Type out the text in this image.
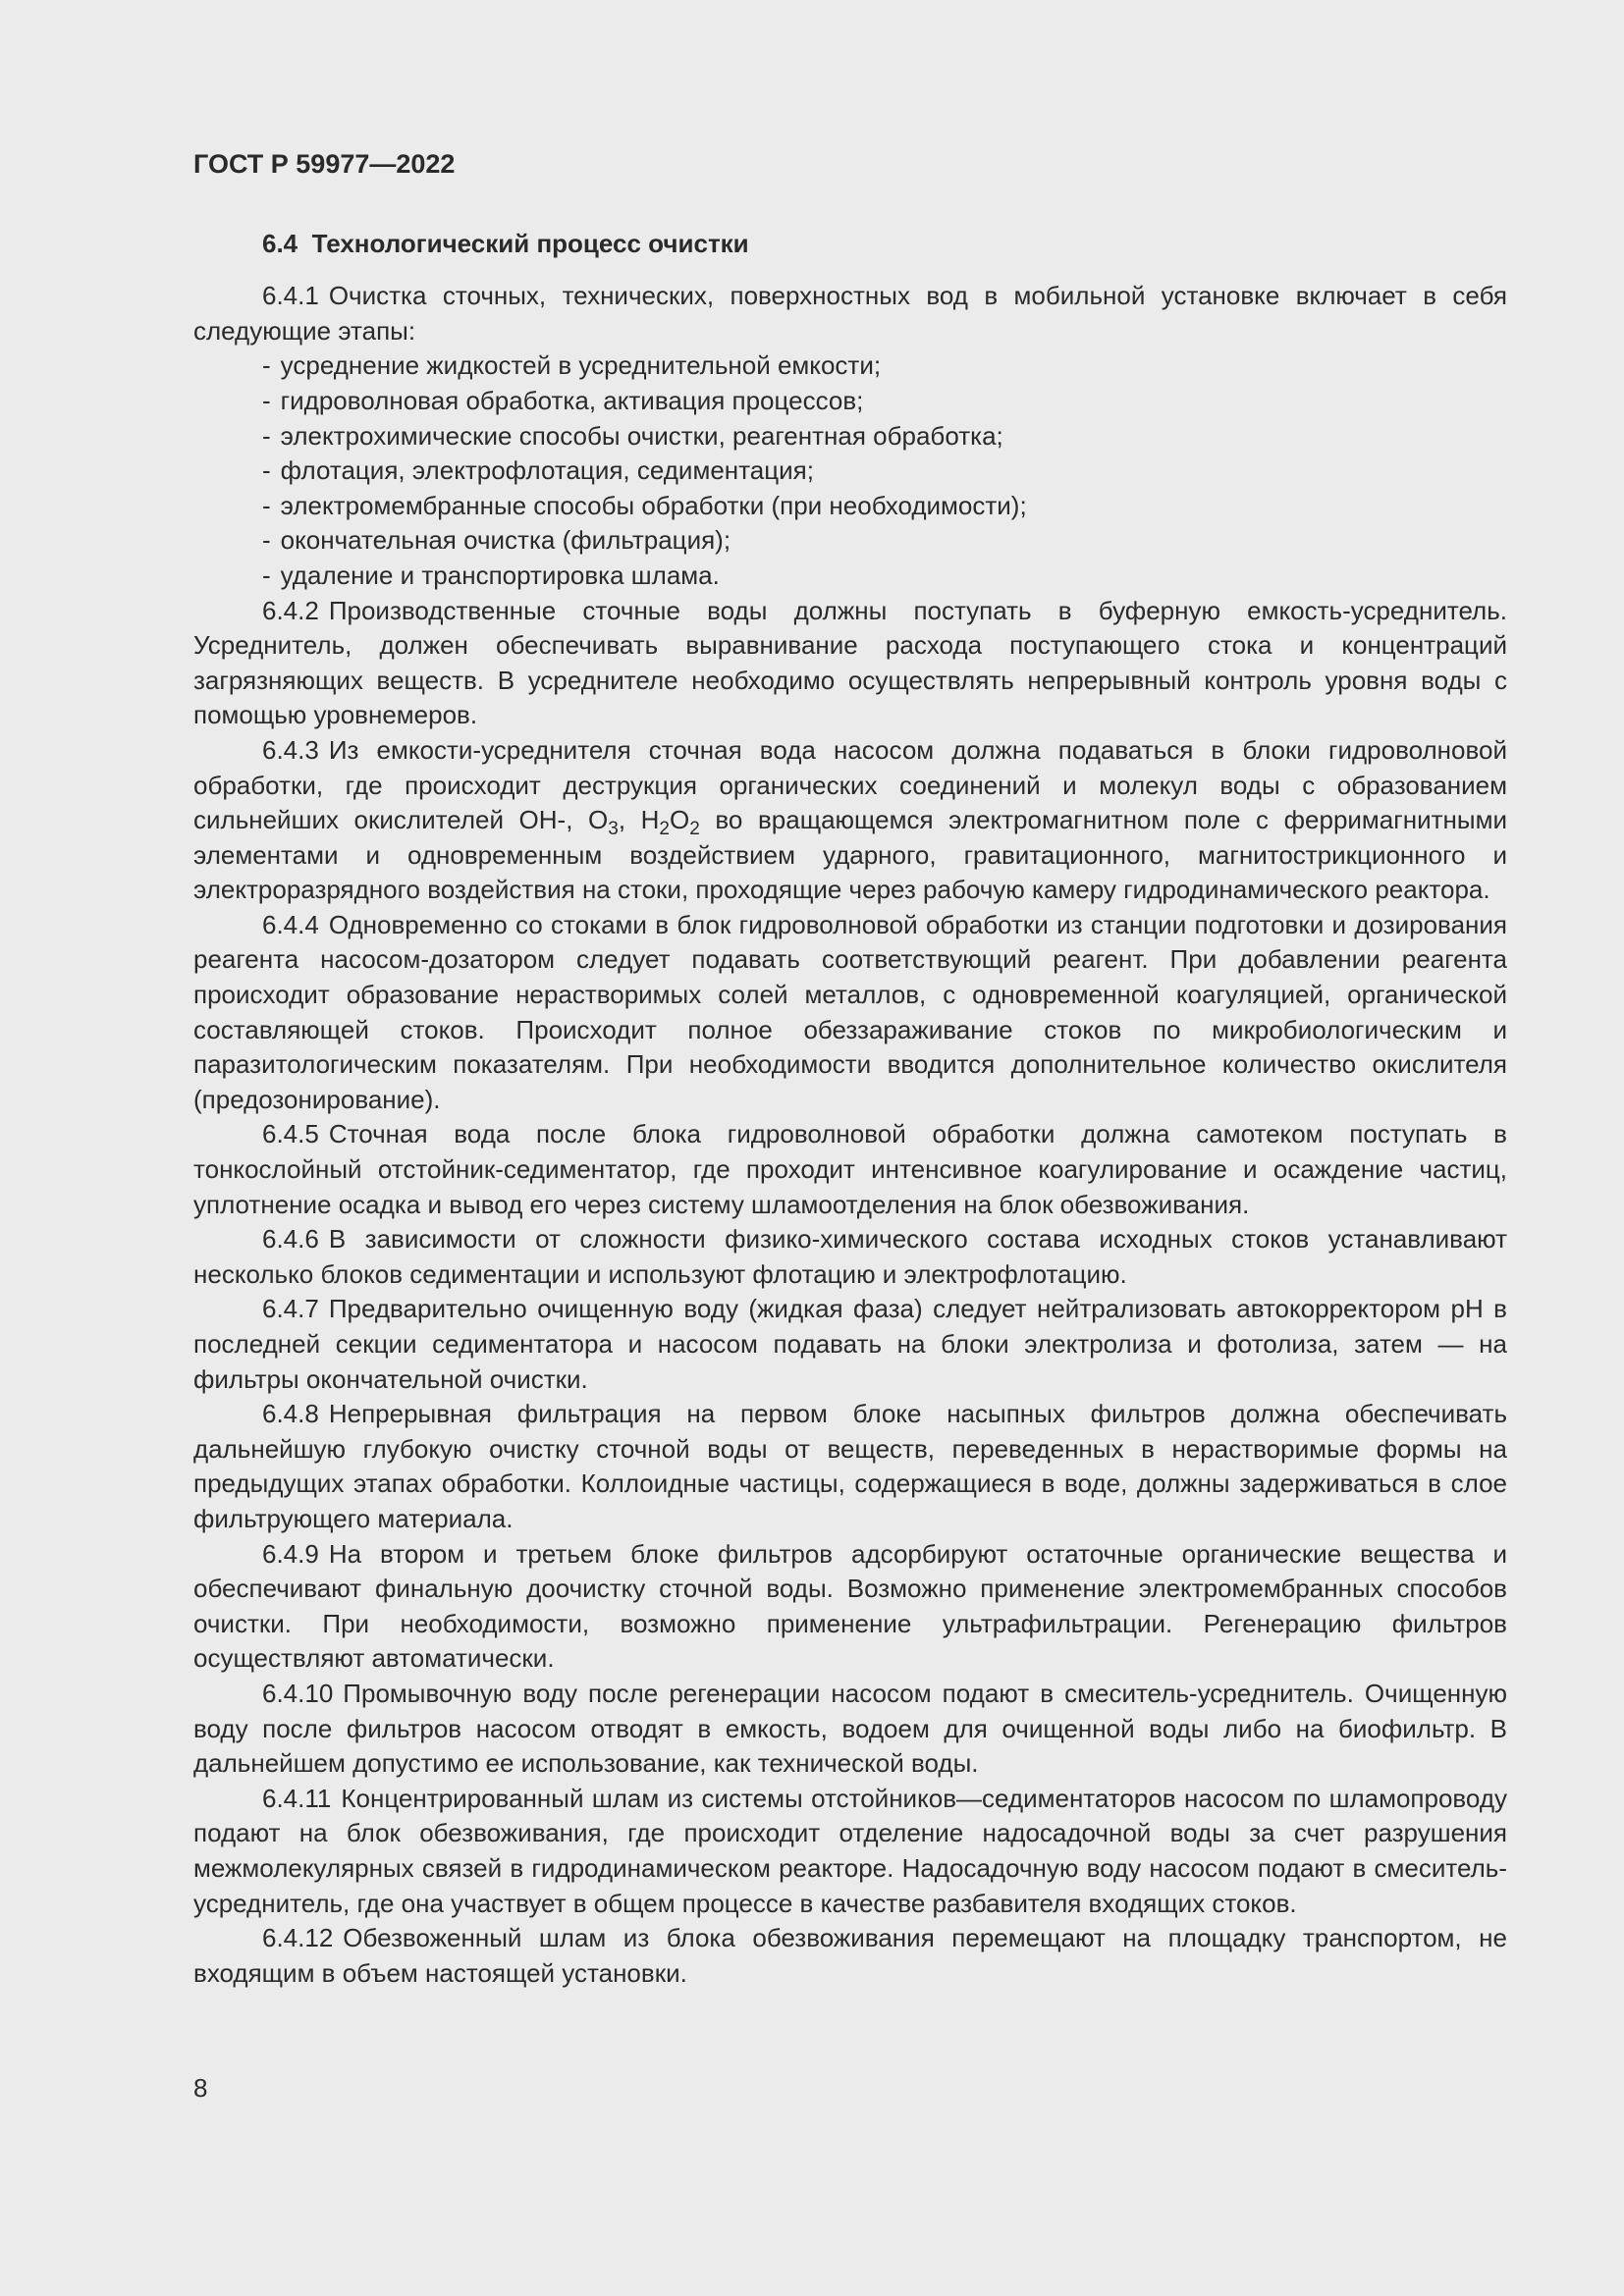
ГОСТ Р 59977—2022
6.4 Технологический процесс очистки

6.4.1 Очистка сточных, технических, поверхностных вод в мобильной установке включает в себя следующие этапы:

- усреднение жидкостей в усреднительной емкости;
- гидроволновая обработка, активация процессов;
- электрохимические способы очистки, реагентная обработка;
- флотация, электрофлотация, седиментация;
- электромембранные способы обработки (при необходимости);
- окончательная очистка (фильтрация);
- удаление и транспортировка шлама.

6.4.2 Производственные сточные воды должны поступать в буферную емкость-усреднитель. Усреднитель, должен обеспечивать выравнивание расхода поступающего стока и концентраций загрязняющих веществ. В усреднителе необходимо осуществлять непрерывный контроль уровня воды с помощью уровнемеров.

6.4.3 Из емкости-усреднителя сточная вода насосом должна подаваться в блоки гидроволновой обработки, где происходит деструкция органических соединений и молекул воды с образованием сильнейших окислителей OH-, $O_3$, $H_2O_2$ во вращающемся электромагнитном поле с ферримагнитными элементами и одновременным воздействием ударного, гравитационного, магнитострикционного и электроразрядного воздействия на стоки, проходящие через рабочую камеру гидродинамического реактора.

6.4.4 Одновременно со стоками в блок гидроволновой обработки из станции подготовки и дозирования реагента насосом-дозатором следует подавать соответствующий реагент. При добавлении реагента происходит образование нерастворимых солей металлов, с одновременной коагуляцией, органической составляющей стоков. Происходит полное обеззараживание стоков по микробиологическим и паразитологическим показателям. При необходимости вводится дополнительное количество окислителя (предозонирование).

6.4.5 Сточная вода после блока гидроволновой обработки должна самотеком поступать в тонкослойный отстойник-седиментатор, где проходит интенсивное коагулирование и осаждение частиц, уплотнение осадка и вывод его через систему шламоотделения на блок обезвоживания.

6.4.6 В зависимости от сложности физико-химического состава исходных стоков устанавливают несколько блоков седиментации и используют флотацию и электрофлотацию.

6.4.7 Предварительно очищенную воду (жидкая фаза) следует нейтрализовать автокорректором pH в последней секции седиментатора и насосом подавать на блоки электролиза и фотолиза, затем — на фильтры окончательной очистки.

6.4.8 Непрерывная фильтрация на первом блоке насыпных фильтров должна обеспечивать дальнейшую глубокую очистку сточной воды от веществ, переведенных в нерастворимые формы на предыдущих этапах обработки. Коллоидные частицы, содержащиеся в воде, должны задерживаться в слое фильтрующего материала.

6.4.9 На втором и третьем блоке фильтров адсорбируют остаточные органические вещества и обеспечивают финальную доочистку сточной воды. Возможно применение электромембранных способов очистки. При необходимости, возможно применение ультрафильтрации. Регенерацию фильтров осуществляют автоматически.

6.4.10 Промывочную воду после регенерации насосом подают в смеситель-усреднитель. Очищенную воду после фильтров насосом отводят в емкость, водоем для очищенной воды либо на биофильтр. В дальнейшем допустимо ее использование, как технической воды.

6.4.11 Концентрированный шлам из системы отстойников—седиментаторов насосом по шламопроводу подают на блок обезвоживания, где происходит отделение надосадочной воды за счет разрушения межмолекулярных связей в гидродинамическом реакторе. Надосадочную воду насосом подают в смеситель-усреднитель, где она участвует в общем процессе в качестве разбавителя входящих стоков.

6.4.12 Обезвоженный шлам из блока обезвоживания перемещают на площадку транспортом, не входящим в объем настоящей установки.

8
